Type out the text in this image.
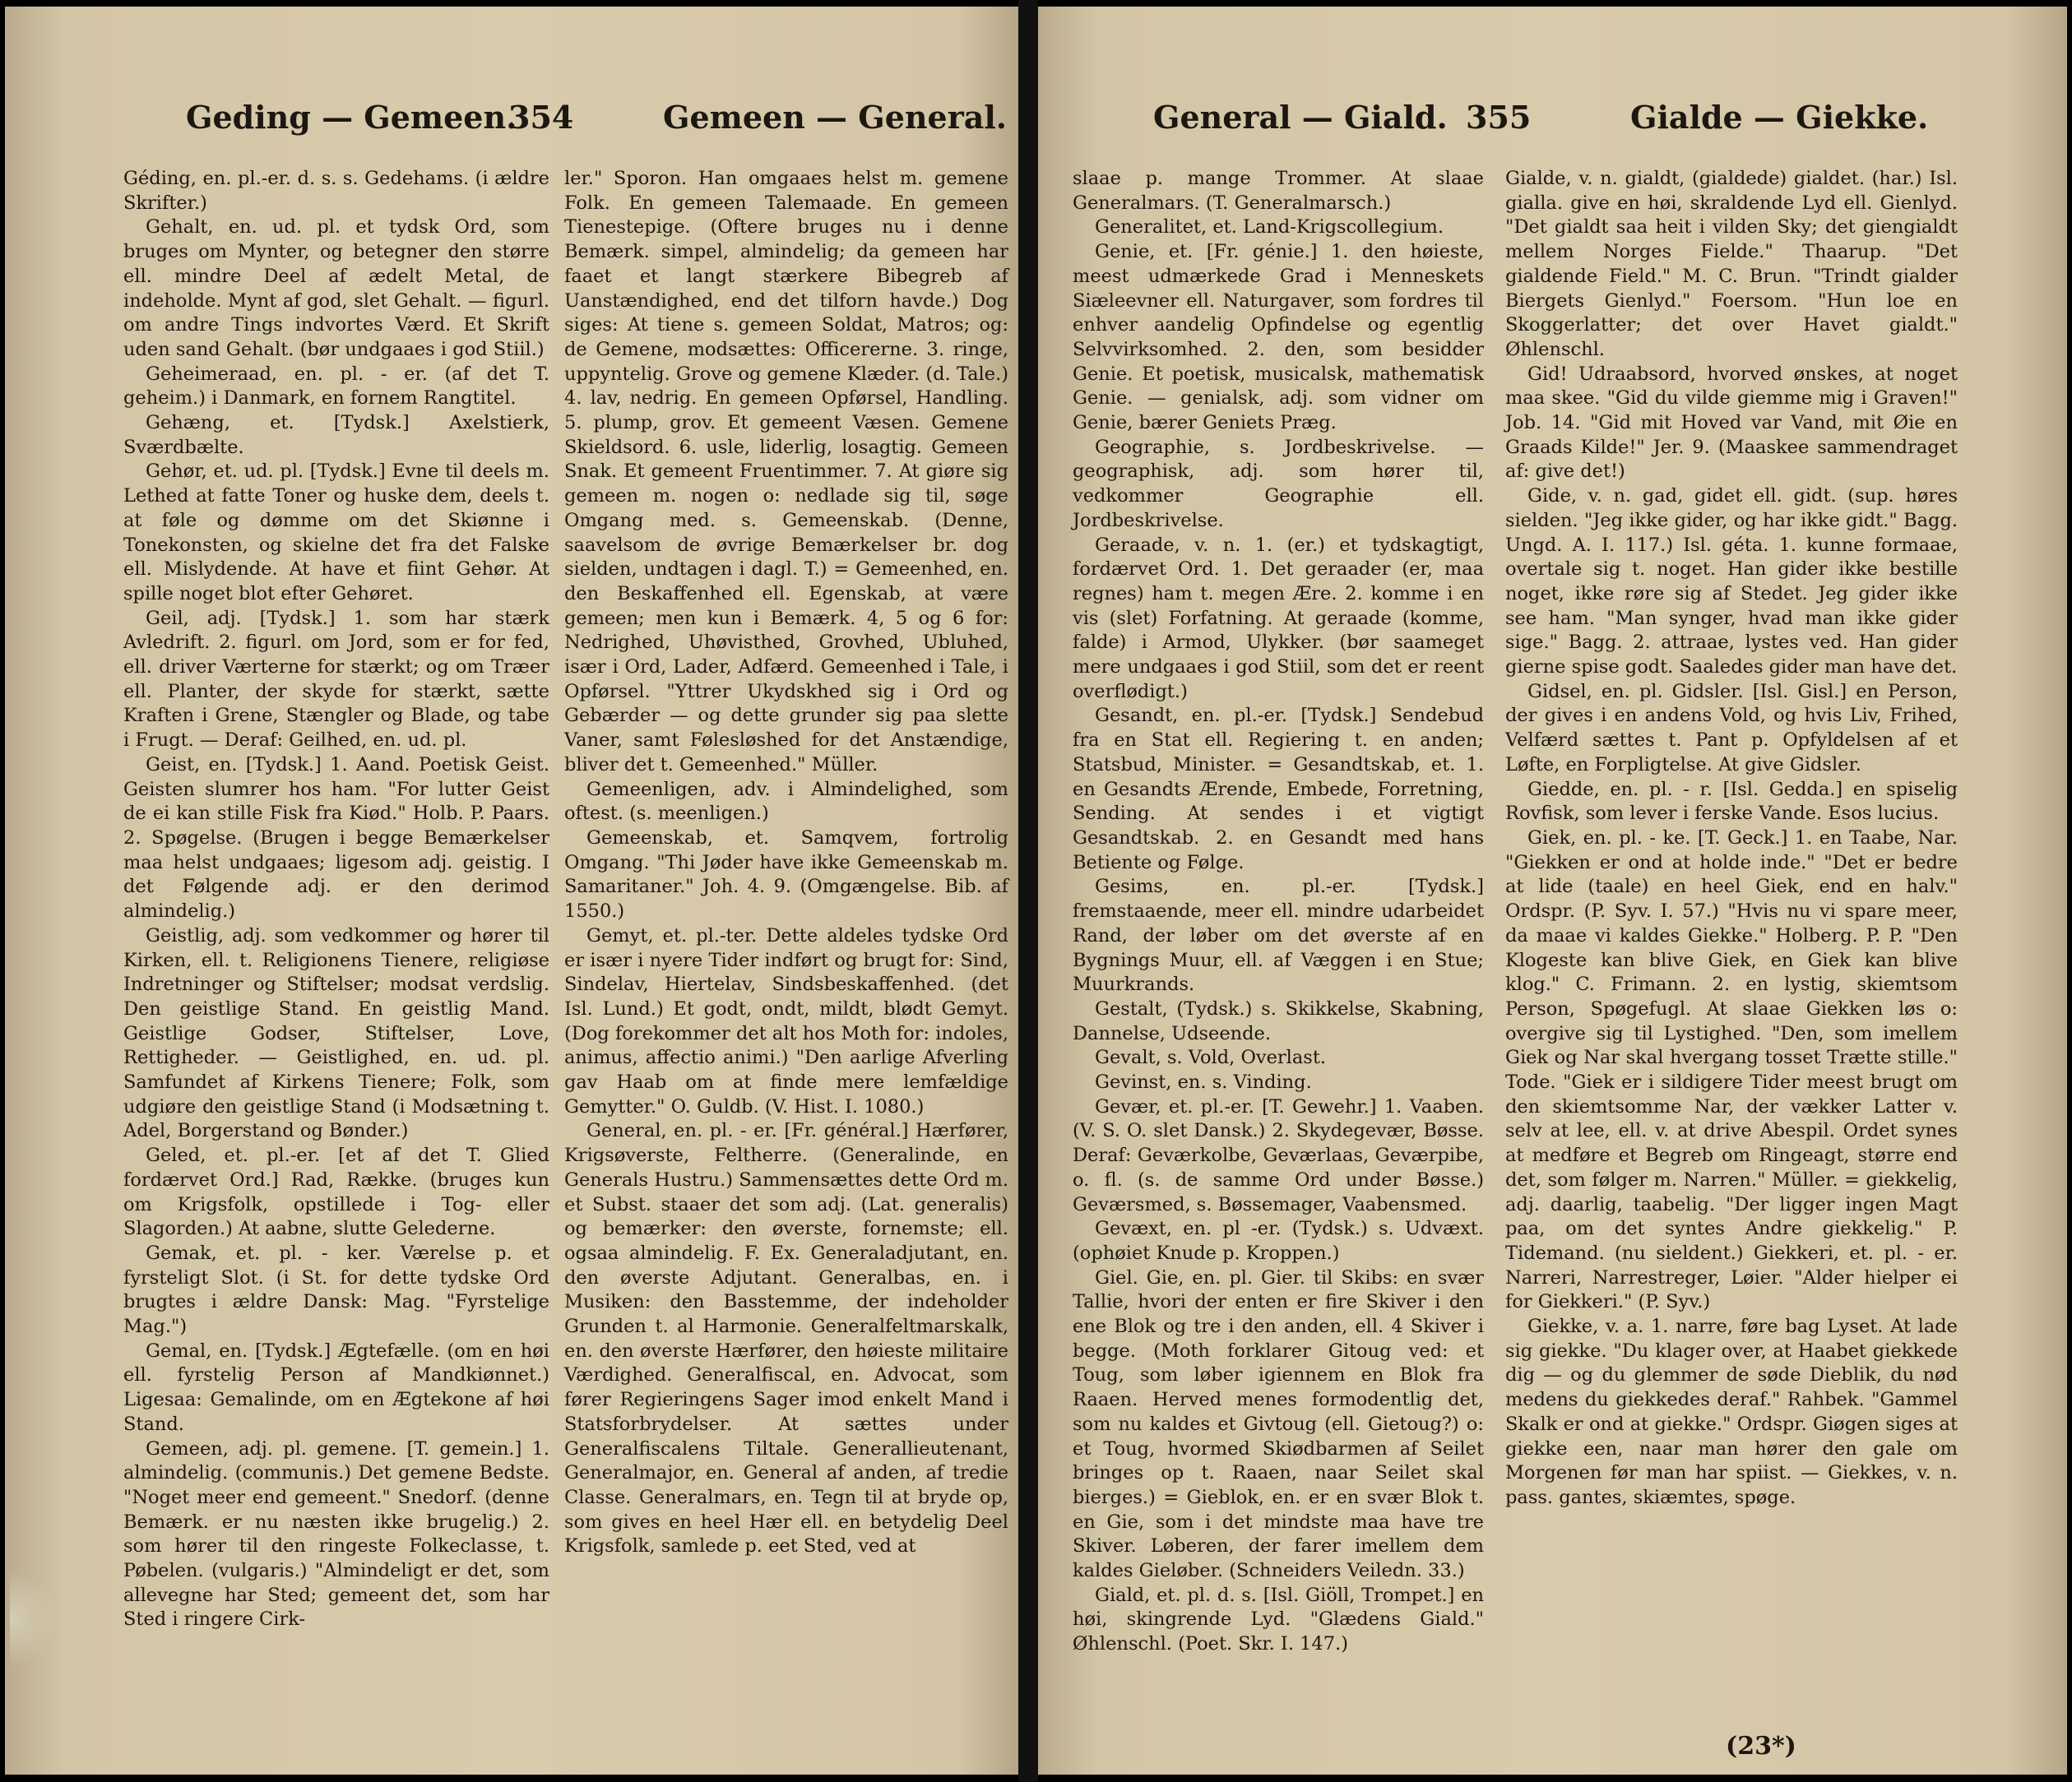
Geding — Gemeen.
354	Gemeen — General.

Géding, en. pl.-er. d. s. s. Gedehams. (i ældre Skrifter.)

Gehalt, en. ud. pl. et tydsk Ord, som bruges om Mynter, og betegner den større ell. mindre Deel af ædelt Metal, de indeholde. Mynt af god, slet Gehalt. — figurl. om andre Tings indvortes Værd. Et Skrift uden sand Gehalt. (bør undgaaes i god Stiil.)

Geheimeraad, en. pl. - er. (af det T. geheim.) i Danmark, en fornem Rangtitel.

Gehæng, et. [Tydsk.] Axelstierk, Sværdbælte.

Gehør, et. ud. pl. [Tydsk.] Evne til deels m. Lethed at fatte Toner og huske dem, deels t. at føle og dømme om det Skiønne i Tonekonsten, og skielne det fra det Falske ell. Mislydende. At have et fiint Gehør. At spille noget blot efter Gehøret.

Geil, adj. [Tydsk.] 1. som har stærk Avledrift. 2. figurl. om Jord, som er for fed, ell. driver Værterne for stærkt; og om Træer ell. Planter, der skyde for stærkt, sætte Kraften i Grene, Stængler og Blade, og tabe i Frugt. — Deraf: Geilhed, en. ud. pl.

Geist, en. [Tydsk.] 1. Aand. Poetisk Geist. Geisten slumrer hos ham. "For lutter Geist de ei kan stille Fisk fra Kiød." Holb. P. Paars. 2. Spøgelse. (Brugen i begge Bemærkelser maa helst undgaaes; ligesom adj. geistig. I det Følgende adj. er den derimod almindelig.)

Geistlig, adj. som vedkommer og hører til Kirken, ell. t. Religionens Tienere, religiøse Indretninger og Stiftelser; modsat verdslig. Den geistlige Stand. En geistlig Mand. Geistlige Godser, Stiftelser, Love, Rettigheder. — Geistlighed, en. ud. pl. Samfundet af Kirkens Tienere; Folk, som udgiøre den geistlige Stand (i Modsætning t. Adel, Borgerstand og Bønder.)

Geled, et. pl.-er. [et af det T. Glied fordærvet Ord.] Rad, Række. (bruges kun om Krigsfolk, opstillede i Tog- eller Slagorden.) At aabne, slutte Gelederne.

Gemak, et. pl. - ker. Værelse p. et fyrsteligt Slot. (i St. for dette tydske Ord brugtes i ældre Dansk: Mag. "Fyrstelige Mag.")

Gemal, en. [Tydsk.] Ægtefælle. (om en høi ell. fyrstelig Person af Mandkiønnet.) Ligesaa: Gemalinde, om en Ægtekone af høi Stand.

Gemeen, adj. pl. gemene. [T. gemein.] 1. almindelig. (communis.) Det gemene Bedste. "Noget meer end gemeent." Snedorf. (denne Bemærk. er nu næsten ikke brugelig.) 2. som hører til den ringeste Folkeclasse, t. Pøbelen. (vulgaris.) "Almindeligt er det, som allevegne har Sted; gemeent det, som har Sted i ringere Cirk-

ler." Sporon. Han omgaaes helst m. gemene Folk. En gemeen Talemaade. En gemeen Tienestepige. (Oftere bruges nu i denne Bemærk. simpel, almindelig; da gemeen har faaet et langt stærkere Bibegreb af Uanstændighed, end det tilforn havde.) Dog siges: At tiene s. gemeen Soldat, Matros; og: de Gemene, modsættes: Officererne. 3. ringe, uppyntelig. Grove og gemene Klæder. (d. Tale.) 4. lav, nedrig. En gemeen Opførsel, Handling. 5. plump, grov. Et gemeent Væsen. Gemene Skieldsord. 6. usle, liderlig, losagtig. Gemeen Snak. Et gemeent Fruentimmer. 7. At giøre sig gemeen m. nogen o: nedlade sig til, søge Omgang med. s. Gemeenskab. (Denne, saavelsom de øvrige Bemærkelser br. dog sielden, undtagen i dagl. T.) = Gemeenhed, en. den Beskaffenhed ell. Egenskab, at være gemeen; men kun i Bemærk. 4, 5 og 6 for: Nedrighed, Uhøvisthed, Grovhed, Ubluhed, især i Ord, Lader, Adfærd. Gemeenhed i Tale, i Opførsel. "Yttrer Ukydskhed sig i Ord og Gebærder — og dette grunder sig paa slette Vaner, samt Følesløshed for det Anstændige, bliver det t. Gemeenhed." Müller.

Gemeenligen, adv. i Almindelighed, som oftest. (s. meenligen.)

Gemeenskab, et. Samqvem, fortrolig Omgang. "Thi Jøder have ikke Gemeenskab m. Samaritaner." Joh. 4. 9. (Omgængelse. Bib. af 1550.)

Gemyt, et. pl.-ter. Dette aldeles tydske Ord er især i nyere Tider indført og brugt for: Sind, Sindelav, Hiertelav, Sindsbeskaffenhed. (det Isl. Lund.) Et godt, ondt, mildt, blødt Gemyt. (Dog forekommer det alt hos Moth for: indoles, animus, affectio animi.) "Den aarlige Afverling gav Haab om at finde mere lemfældige Gemytter." O. Guldb. (V. Hist. I. 1080.)

General, en. pl. - er. [Fr. général.] Hærfører, Krigsøverste, Feltherre. (Generalinde, en Generals Hustru.) Sammensættes dette Ord m. et Subst. staaer det som adj. (Lat. generalis) og bemærker: den øverste, fornemste; ell. ogsaa almindelig. F. Ex. Generaladjutant, en. den øverste Adjutant. Generalbas, en. i Musiken: den Basstemme, der indeholder Grunden t. al Harmonie. Generalfeltmarskalk, en. den øverste Hærfører, den høieste militaire Værdighed. Generalfiscal, en. Advocat, som fører Regieringens Sager imod enkelt Mand i Statsforbrydelser. At sættes under Generalfiscalens Tiltale. Generallieutenant, Generalmajor, en. General af anden, af tredie Classe. Generalmars, en. Tegn til at bryde op, som gives en heel Hær ell. en betydelig Deel Krigsfolk, samlede p. eet Sted, ved at

General — Giald. 355	Gialde — Giekke.

slaae p. mange Trommer. At slaae Generalmars. (T. Generalmarsch.)

Generalitet, et. Land-Krigscollegium.

Genie, et. [Fr. génie.] 1. den høieste, meest udmærkede Grad i Menneskets Siæleevner ell. Naturgaver, som fordres til enhver aandelig Opfindelse og egentlig Selvvirksomhed. 2. den, som besidder Genie. Et poetisk, musicalsk, mathematisk Genie. — genialsk, adj. som vidner om Genie, bærer Geniets Præg.

Geographie, s. Jordbeskrivelse. — geographisk, adj. som hører til, vedkommer Geographie ell. Jordbeskrivelse.

Geraade, v. n. 1. (er.) et tydskagtigt, fordærvet Ord. 1. Det geraader (er, maa regnes) ham t. megen Ære. 2. komme i en vis (slet) Forfatning. At geraade (komme, falde) i Armod, Ulykker. (bør saameget mere undgaaes i god Stiil, som det er reent overflødigt.)

Gesandt, en. pl.-er. [Tydsk.] Sendebud fra en Stat ell. Regiering t. en anden; Statsbud, Minister. = Gesandtskab, et. 1. en Gesandts Ærende, Embede, Forretning, Sending. At sendes i et vigtigt Gesandtskab. 2. en Gesandt med hans Betiente og Følge.

Gesims, en. pl.-er. [Tydsk.] fremstaaende, meer ell. mindre udarbeidet Rand, der løber om det øverste af en Bygnings Muur, ell. af Væggen i en Stue; Muurkrands.

Gestalt, (Tydsk.) s. Skikkelse, Skabning, Dannelse, Udseende.

Gevalt, s. Vold, Overlast.

Gevinst, en. s. Vinding.

Gevær, et. pl.-er. [T. Gewehr.] 1. Vaaben. (V. S. O. slet Dansk.) 2. Skydegevær, Bøsse. Deraf: Geværkolbe, Geværlaas, Geværpibe, o. fl. (s. de samme Ord under Bøsse.) Geværsmed, s. Bøssemager, Vaabensmed.

Gevæxt, en. pl -er. (Tydsk.) s. Udvæxt. (ophøiet Knude p. Kroppen.)

Giel. Gie, en. pl. Gier. til Skibs: en svær Tallie, hvori der enten er fire Skiver i den ene Blok og tre i den anden, ell. 4 Skiver i begge. (Moth forklarer Gitoug ved: et Toug, som løber igiennem en Blok fra Raaen. Herved menes formodentlig det, som nu kaldes et Givtoug (ell. Gietoug?) o: et Toug, hvormed Skiødbarmen af Seilet bringes op t. Raaen, naar Seilet skal bierges.) = Gieblok, en. er en svær Blok t. en Gie, som i det mindste maa have tre Skiver. Løberen, der farer imellem dem kaldes Gieløber. (Schneiders Veiledn. 33.)

Giald, et. pl. d. s. [Isl. Giöll, Trompet.] en høi, skingrende Lyd. "Glædens Giald." Øhlenschl. (Poet. Skr. I. 147.)

Gialde, v. n. gialdt, (gialdede) gialdet. (har.) Isl. gialla. give en høi, skraldende Lyd ell. Gienlyd. "Det gialdt saa heit i vilden Sky; det giengialdt mellem Norges Fielde." Thaarup. "Det gialdende Field." M. C. Brun. "Trindt gialder Biergets Gienlyd." Foersom. "Hun loe en Skoggerlatter; det over Havet gialdt." Øhlenschl.

Gid! Udraabsord, hvorved ønskes, at noget maa skee. "Gid du vilde giemme mig i Graven!" Job. 14. "Gid mit Hoved var Vand, mit Øie en Graads Kilde!" Jer. 9. (Maaskee sammendraget af: give det!)

Gide, v. n. gad, gidet ell. gidt. (sup. høres sielden. "Jeg ikke gider, og har ikke gidt." Bagg. Ungd. A. I. 117.) Isl. géta. 1. kunne formaae, overtale sig t. noget. Han gider ikke bestille noget, ikke røre sig af Stedet. Jeg gider ikke see ham. "Man synger, hvad man ikke gider sige." Bagg. 2. attraae, lystes ved. Han gider gierne spise godt. Saaledes gider man have det.

Gidsel, en. pl. Gidsler. [Isl. Gisl.] en Person, der gives i en andens Vold, og hvis Liv, Frihed, Velfærd sættes t. Pant p. Opfyldelsen af et Løfte, en Forpligtelse. At give Gidsler.

Giedde, en. pl. - r. [Isl. Gedda.] en spiselig Rovfisk, som lever i ferske Vande. Esos lucius.

Giek, en. pl. - ke. [T. Geck.] 1. en Taabe, Nar. "Giekken er ond at holde inde." "Det er bedre at lide (taale) en heel Giek, end en halv." Ordspr. (P. Syv. I. 57.) "Hvis nu vi spare meer, da maae vi kaldes Giekke." Holberg. P. P. "Den Klogeste kan blive Giek, en Giek kan blive klog." C. Frimann. 2. en lystig, skiemtsom Person, Spøgefugl. At slaae Giekken løs o: overgive sig til Lystighed. "Den, som imellem Giek og Nar skal hvergang tosset Trætte stille." Tode. "Giek er i sildigere Tider meest brugt om den skiemtsomme Nar, der vækker Latter v. selv at lee, ell. v. at drive Abespil. Ordet synes at medføre et Begreb om Ringeagt, større end det, som følger m. Narren." Müller. = giekkelig, adj. daarlig, taabelig. "Der ligger ingen Magt paa, om det syntes Andre giekkelig." P. Tidemand. (nu sieldent.) Giekkeri, et. pl. - er. Narreri, Narrestreger, Løier. "Alder hielper ei for Giekkeri." (P. Syv.)

Giekke, v. a. 1. narre, føre bag Lyset. At lade sig giekke. "Du klager over, at Haabet giekkede dig — og du glemmer de søde Dieblik, du nød medens du giekkedes deraf." Rahbek. "Gammel Skalk er ond at giekke." Ordspr. Giøgen siges at giekke een, naar man hører den gale om Morgenen før man har spiist. — Giekkes, v. n. pass. gantes, skiæmtes, spøge.

(23*)
